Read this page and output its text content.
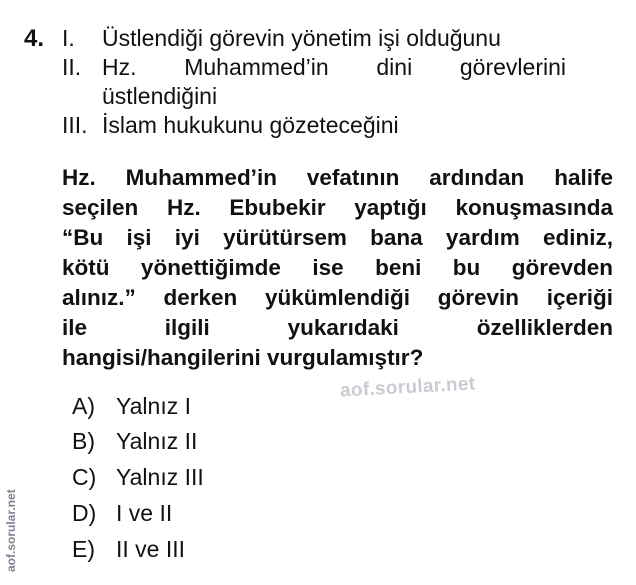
4. I.	Üstlendiği görevin yönetim işi olduğunu
II. Hz. Muhammed’in dini görevlerini
üstlendiğini
III. İslam hukukunu gözeteceğini
Hz. Muhammed’in vefatının ardından halife
seçilen Hz. Ebubekir yaptığı konuşmasında
“Bu işi iyi yürütürsem bana yardım ediniz,
kötü yönettiğimde ise beni bu görevden
alınız.” derken yükümlendiği görevin içeriği
ile ilgili yukarıdaki özelliklerden
hangisi/hangilerini vurgulamıştır?
aof.sorular.net
A) Yalnız I
B) Yalnız II
C) Yalnız III
D) I ve II
E) II ve III
aof.sorular.net
